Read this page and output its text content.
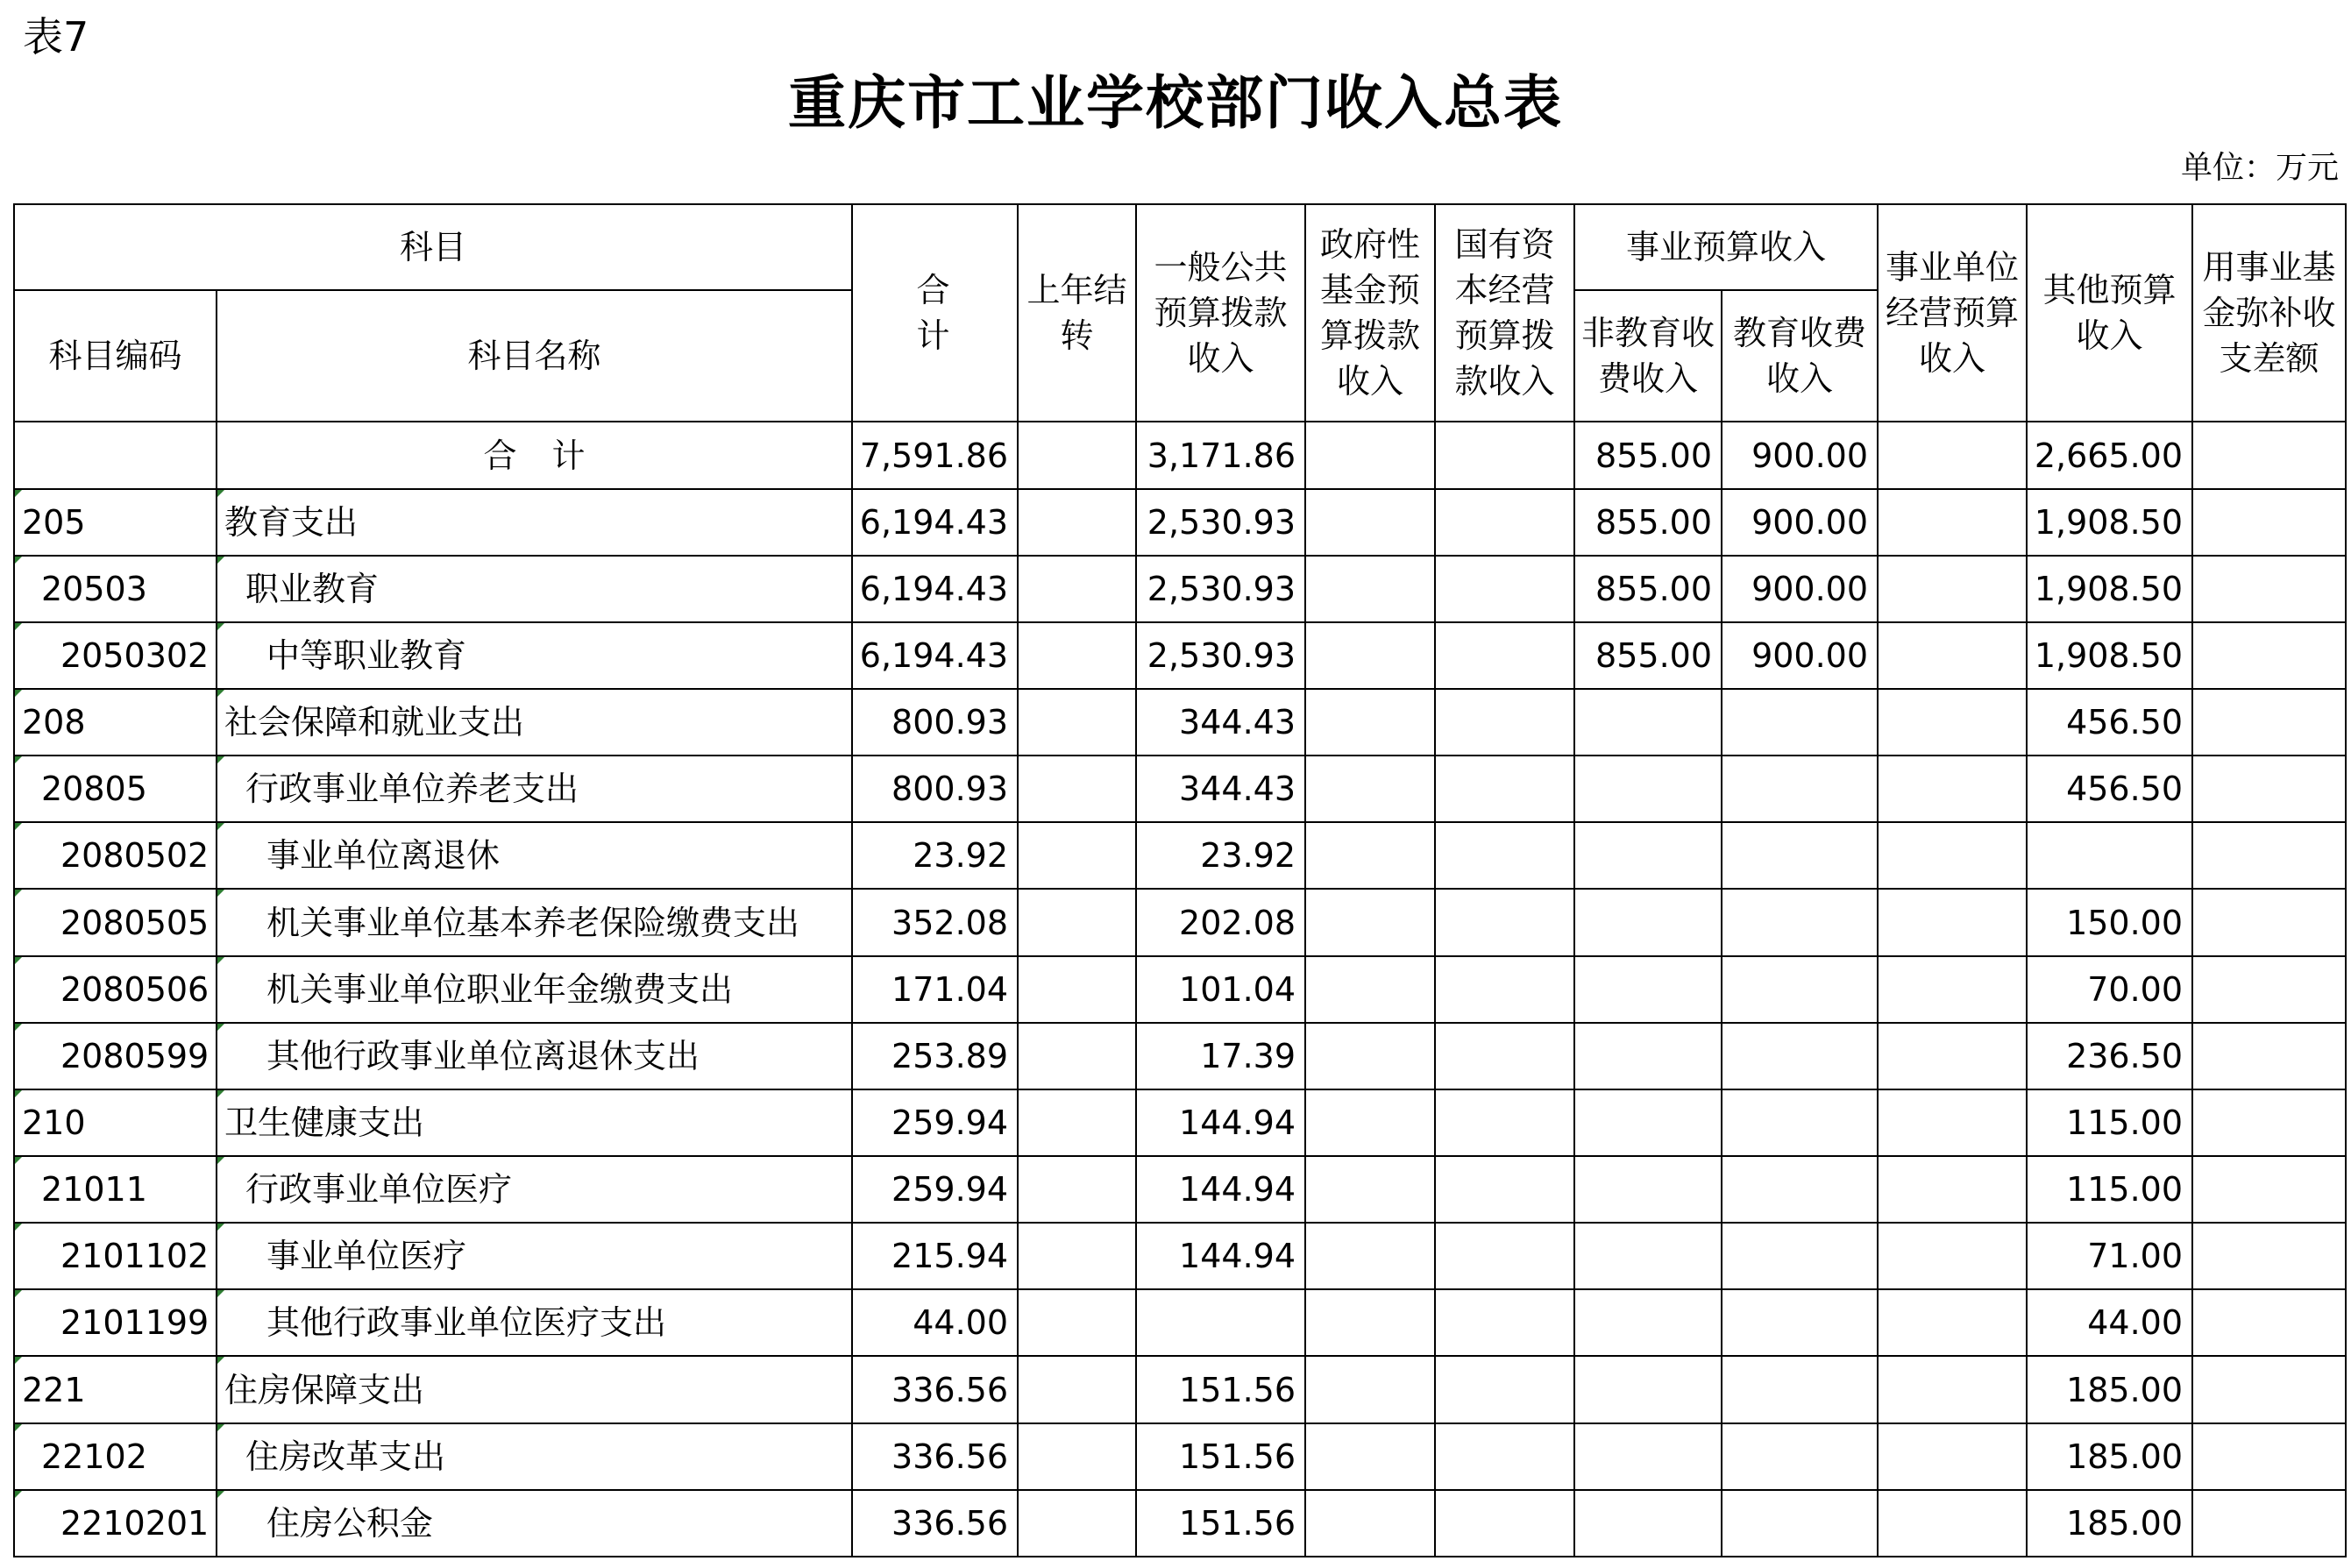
表7
重庆市工业学校部门收入总表
单位：万元
科目		合　计	上年结转	一般公共预算拨款收入	政府性基金预算拨款收入	国有资本经营预算拨款收入	事业预算收入		事业单位经营预算收入	其他预算收入	用事业基金弥补收支差额
科目编码	科目名称						非教育收费收入	教育收费收入			
	合计	7,591.86		3,171.86			855.00	900.00		2,665.00	
205	教育支出	6,194.43		2,530.93			855.00	900.00		1,908.50	
20503	职业教育	6,194.43		2,530.93			855.00	900.00		1,908.50	
2050302	中等职业教育	6,194.43		2,530.93			855.00	900.00		1,908.50	
208	社会保障和就业支出	800.93		344.43						456.50	
20805	行政事业单位养老支出	800.93		344.43						456.50	
2080502	事业单位离退休	23.92		23.92							
2080505	机关事业单位基本养老保险缴费支出	352.08		202.08						150.00	
2080506	机关事业单位职业年金缴费支出	171.04		101.04						70.00	
2080599	其他行政事业单位离退休支出	253.89		17.39						236.50	
210	卫生健康支出	259.94		144.94						115.00	
21011	行政事业单位医疗	259.94		144.94						115.00	
2101102	事业单位医疗	215.94		144.94						71.00	
2101199	其他行政事业单位医疗支出	44.00								44.00	
221	住房保障支出	336.56		151.56						185.00	
22102	住房改革支出	336.56		151.56						185.00	
2210201	住房公积金	336.56		151.56						185.00	
